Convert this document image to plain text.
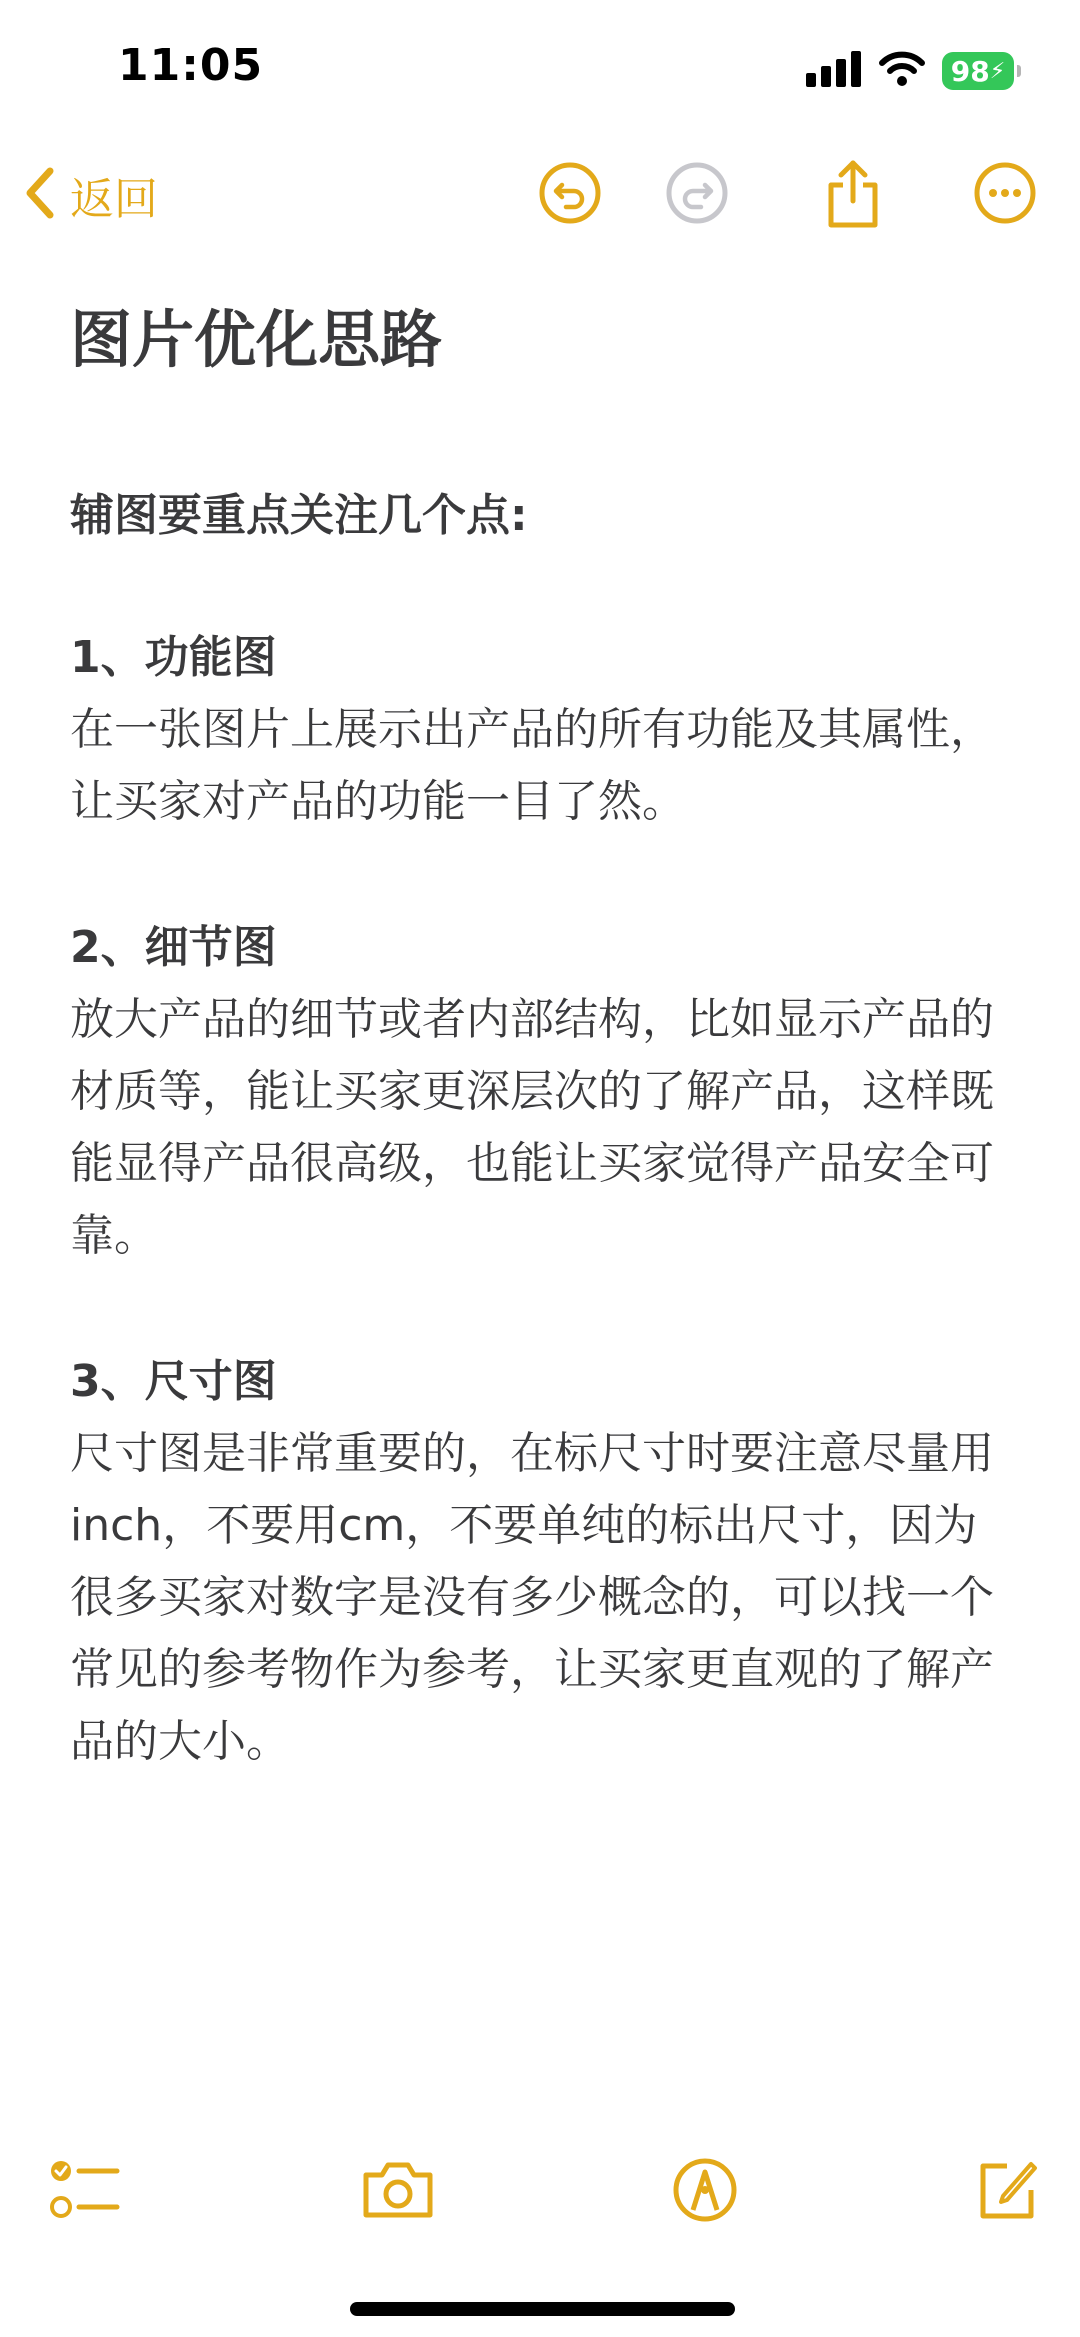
11:05	98 ⚡
返回
图片优化思路
辅图要重点关注几个点:
1、功能图
在一张图片上展示出产品的所有功能及其属性，让买家对产品的功能一目了然。
2、细节图
放大产品的细节或者内部结构，比如显示产品的材质等，能让买家更深层次的了解产品，这样既能显得产品很高级，也能让买家觉得产品安全可靠。
3、尺寸图
尺寸图是非常重要的，在标尺寸时要注意尽量用 inch，不要用cm，不要单纯的标出尺寸，因为很多买家对数字是没有多少概念的，可以找一个常见的参考物作为参考，让买家更直观的了解产品的大小。
